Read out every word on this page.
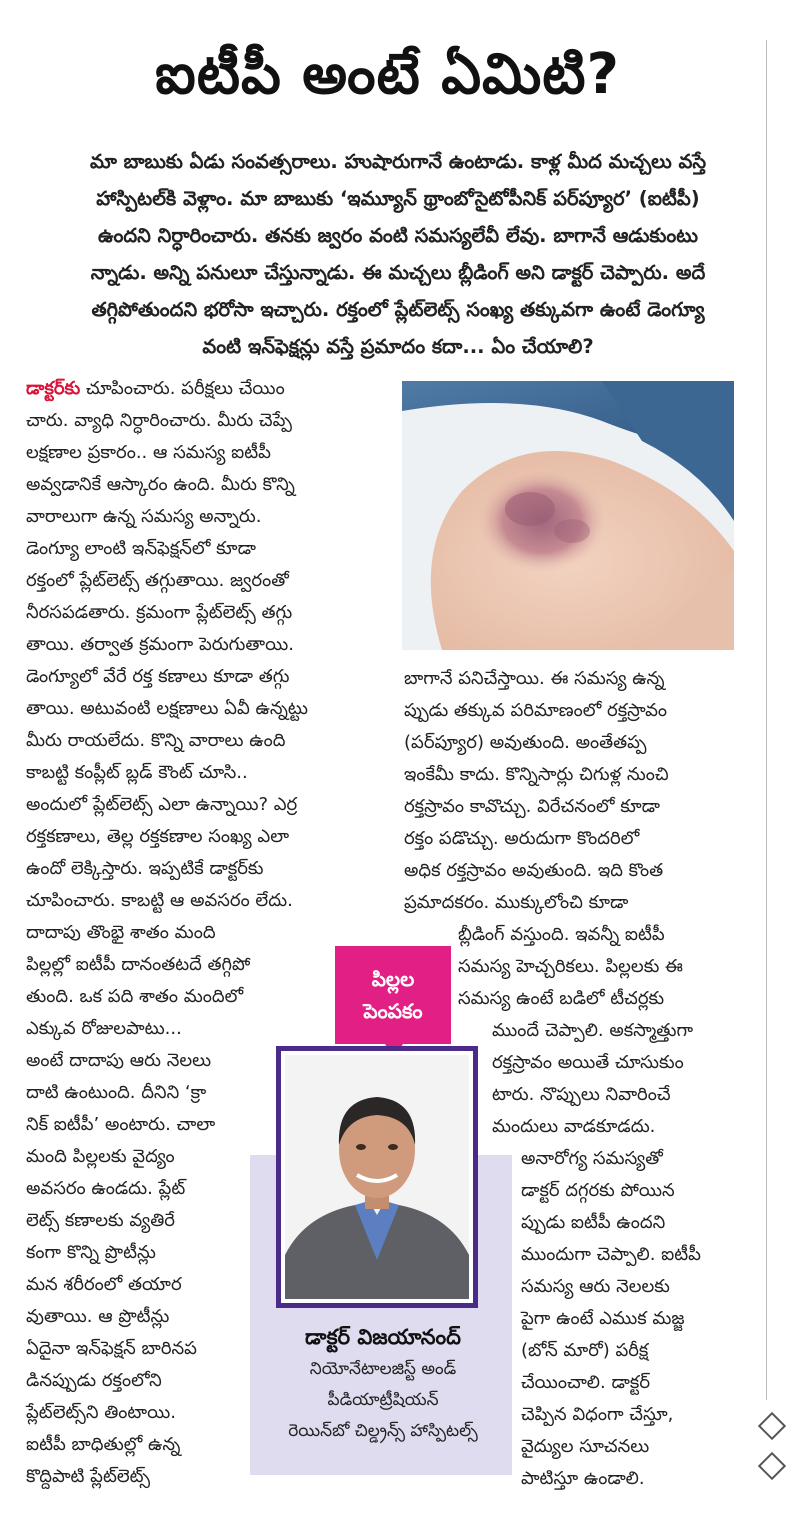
ఐటీపీ అంటే ఏమిటి?

మా బాబుకు ఏడు సంవత్సరాలు. హుషారుగానే ఉంటాడు. కాళ్ల మీద మచ్చలు వస్తే

హాస్పిటల్‌కి వెళ్లాం. మా బాబుకు ‘ఇమ్యూన్ థ్రాంబోసైటోపీనిక్ పర్‌ప్యూర’ (ఐటీపీ)

ఉందని నిర్ధారించారు. తనకు జ్వరం వంటి సమస్యలేవీ లేవు. బాగానే ఆడుకుంటు

న్నాడు. అన్ని పనులూ చేస్తున్నాడు. ఈ మచ్చలు బ్లీడింగ్ అని డాక్టర్ చెప్పారు. అదే

తగ్గిపోతుందని భరోసా ఇచ్చారు. రక్తంలో ప్లేట్‌లెట్స్ సంఖ్య తక్కువగా ఉంటే డెంగ్యూ

వంటి ఇన్‌ఫెక్షన్లు వస్తే ప్రమాదం కదా... ఏం చేయాలి?

డాక్టర్‌కు చూపించారు. పరీక్షలు చేయిం

చారు. వ్యాధి నిర్ధారించారు. మీరు చెప్పే

లక్షణాల ప్రకారం.. ఆ సమస్య ఐటీపీ

అవ్వడానికే ఆస్కారం ఉంది. మీరు కొన్ని

వారాలుగా ఉన్న సమస్య అన్నారు.

డెంగ్యూ లాంటి ఇన్‌ఫెక్షన్‌లో కూడా

రక్తంలో ప్లేట్‌లెట్స్ తగ్గుతాయి. జ్వరంతో

నీరసపడతారు. క్రమంగా ప్లేట్‌లెట్స్ తగ్గు

తాయి. తర్వాత క్రమంగా పెరుగుతాయి.

డెంగ్యూలో వేరే రక్త కణాలు కూడా తగ్గు

తాయి. అటువంటి లక్షణాలు ఏవీ ఉన్నట్టు

మీరు రాయలేదు. కొన్ని వారాలు ఉంది

కాబట్టి కంప్లీట్ బ్లడ్ కౌంట్ చూసి..

అందులో ప్లేట్‌లెట్స్ ఎలా ఉన్నాయి? ఎర్ర

రక్తకణాలు, తెల్ల రక్తకణాల సంఖ్య ఎలా

ఉందో లెక్కిస్తారు. ఇప్పటికే డాక్టర్‌కు

చూపించారు. కాబట్టి ఆ అవసరం లేదు.

దాదాపు తొంభై శాతం మంది

పిల్లల్లో ఐటీపీ దానంతటదే తగ్గిపో

తుంది. ఒక పది శాతం మందిలో

ఎక్కువ రోజులపాటు...

అంటే దాదాపు ఆరు నెలలు

దాటి ఉంటుంది. దీనిని ‘క్రా

నిక్ ఐటీపీ’ అంటారు. చాలా

మంది పిల్లలకు వైద్యం

అవసరం ఉండదు. ప్లేట్

లెట్స్ కణాలకు వ్యతిరే

కంగా కొన్ని ప్రొటీన్లు

మన శరీరంలో తయార

వుతాయి. ఆ ప్రొటీన్లు

ఏదైనా ఇన్‌ఫెక్షన్ బారినప

డినప్పుడు రక్తంలోని

ప్లేట్‌లెట్స్‌ని తింటాయి.

ఐటీపీ బాధితుల్లో ఉన్న

కొద్దిపాటి ప్లేట్‌లెట్స్

బాగానే పనిచేస్తాయి. ఈ సమస్య ఉన్న

ప్పుడు తక్కువ పరిమాణంలో రక్తస్రావం

(పర్‌ప్యూర) అవుతుంది. అంతేతప్ప

ఇంకేమీ కాదు. కొన్నిసార్లు చిగుళ్ల నుంచి

రక్తస్రావం కావొచ్చు. విరేచనంలో కూడా

రక్తం పడొచ్చు. అరుదుగా కొందరిలో

అధిక రక్తస్రావం అవుతుంది. ఇది కొంత

ప్రమాదకరం. ముక్కులోంచి కూడా

బ్లీడింగ్ వస్తుంది. ఇవన్నీ ఐటీపీ

సమస్య హెచ్చరికలు. పిల్లలకు ఈ

సమస్య ఉంటే బడిలో టీచర్లకు

ముందే చెప్పాలి. అకస్మాత్తుగా

రక్తస్రావం అయితే చూసుకుం

టారు. నొప్పులు నివారించే

మందులు వాడకూడదు.

అనారోగ్య సమస్యతో

డాక్టర్ దగ్గరకు పోయిన

ప్పుడు ఐటీపీ ఉందని

ముందుగా చెప్పాలి. ఐటీపీ

సమస్య ఆరు నెలలకు

పైగా ఉంటే ఎముక మజ్జ

(బోన్ మారో) పరీక్ష

చేయించాలి. డాక్టర్

చెప్పిన విధంగా చేస్తూ,

వైద్యుల సూచనలు

పాటిస్తూ ఉండాలి.

పిల్లల
పెంపకం
డాక్టర్ విజయానంద్
నియోనేటాలజిస్ట్ అండ్
పీడియాట్రీషియన్
రెయిన్‌బో చిల్డ్రన్స్ హాస్పిటల్స్
